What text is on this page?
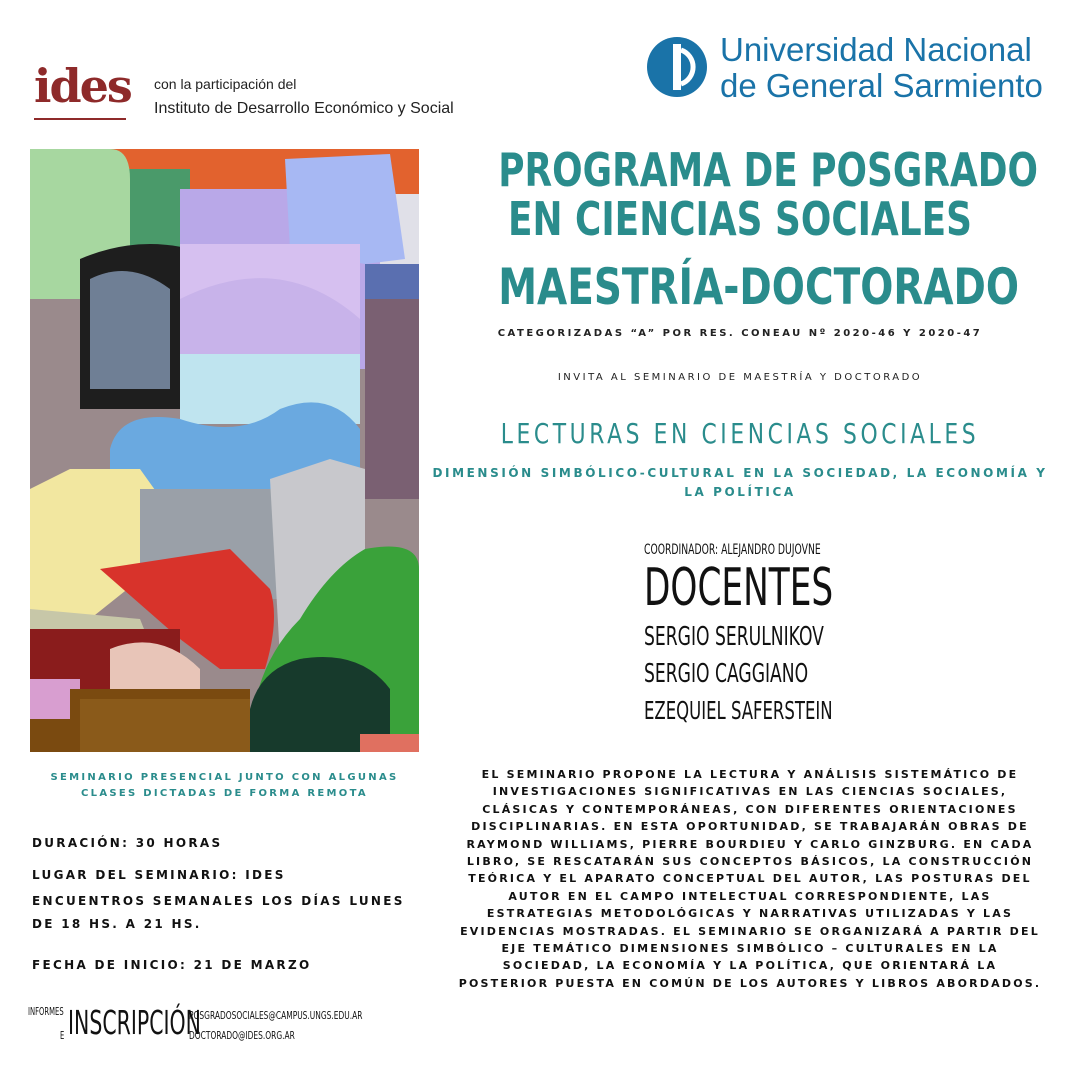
ides con la participación del
Instituto de Desarrollo Económico y Social
Universidad Nacional
de General Sarmiento
PROGRAMA DE POSGRADO
EN CIENCIAS SOCIALES
MAESTRÍA-DOCTORADO
CATEGORIZADAS “A” POR RES. CONEAU Nº 2020-46 Y 2020-47
INVITA AL SEMINARIO DE MAESTRÍA Y DOCTORADO
LECTURAS EN CIENCIAS SOCIALES
DIMENSIÓN SIMBÓLICO-CULTURAL EN LA SOCIEDAD, LA ECONOMÍA Y LA POLÍTICA
COORDINADOR: ALEJANDRO DUJOVNE
DOCENTES
SERGIO SERULNIKOV
SERGIO CAGGIANO
EZEQUIEL SAFERSTEIN
SEMINARIO PRESENCIAL JUNTO CON ALGUNAS CLASES DICTADAS DE FORMA REMOTA
DURACIÓN: 30 HORAS
LUGAR DEL SEMINARIO: IDES
ENCUENTROS SEMANALES LOS DÍAS LUNES
DE 18 HS. A 21 HS.
FECHA DE INICIO: 21 DE MARZO
INFORMES
E INSCRIPCIÓN
POSGRADOSOCIALES@CAMPUS.UNGS.EDU.AR
DOCTORADO@IDES.ORG.AR
EL SEMINARIO PROPONE LA LECTURA Y ANÁLISIS SISTEMÁTICO DE INVESTIGACIONES SIGNIFICATIVAS EN LAS CIENCIAS SOCIALES, CLÁSICAS Y CONTEMPORÁNEAS, CON DIFERENTES ORIENTACIONES DISCIPLINARIAS. EN ESTA OPORTUNIDAD, SE TRABAJARÁN OBRAS DE RAYMOND WILLIAMS, PIERRE BOURDIEU Y CARLO GINZBURG. EN CADA LIBRO, SE RESCATARÁN SUS CONCEPTOS BÁSICOS, LA CONSTRUCCIÓN TEÓRICA Y EL APARATO CONCEPTUAL DEL AUTOR, LAS POSTURAS DEL AUTOR EN EL CAMPO INTELECTUAL CORRESPONDIENTE, LAS ESTRATEGIAS METODOLÓGICAS Y NARRATIVAS UTILIZADAS Y LAS EVIDENCIAS MOSTRADAS. EL SEMINARIO SE ORGANIZARÁ A PARTIR DEL EJE TEMÁTICO DIMENSIONES SIMBÓLICO – CULTURALES EN LA SOCIEDAD, LA ECONOMÍA Y LA POLÍTICA, QUE ORIENTARÁ LA POSTERIOR PUESTA EN COMÚN DE LOS AUTORES Y LIBROS ABORDADOS.
